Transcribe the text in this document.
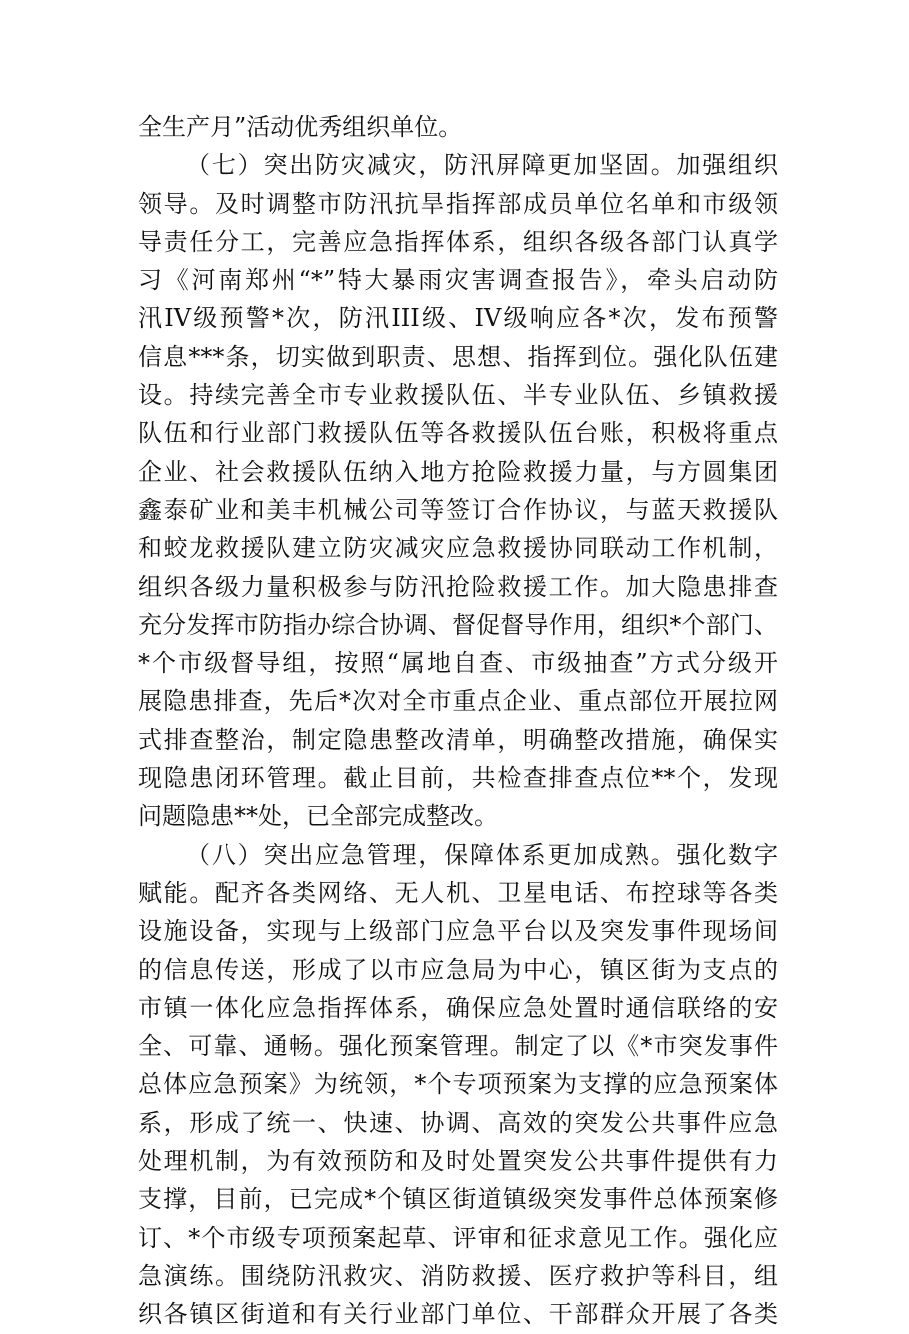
全生产月”活动优秀组织单位。
（七）突出防灾减灾，防汛屏障更加坚固。加强组织
领导。及时调整市防汛抗旱指挥部成员单位名单和市级领
导责任分工，完善应急指挥体系，组织各级各部门认真学
习《河南郑州“*”特大暴雨灾害调查报告》，牵头启动防
汛IV级预警*次，防汛III级、IV级响应各*次，发布预警
信息***条，切实做到职责、思想、指挥到位。强化队伍建
设。持续完善全市专业救援队伍、半专业队伍、乡镇救援
队伍和行业部门救援队伍等各救援队伍台账，积极将重点
企业、社会救援队伍纳入地方抢险救援力量，与方圆集团
鑫泰矿业和美丰机械公司等签订合作协议，与蓝天救援队
和蛟龙救援队建立防灾减灾应急救援协同联动工作机制，
组织各级力量积极参与防汛抢险救援工作。加大隐患排查
充分发挥市防指办综合协调、督促督导作用，组织*个部门、
*个市级督导组，按照“属地自查、市级抽查”方式分级开
展隐患排查，先后*次对全市重点企业、重点部位开展拉网
式排查整治，制定隐患整改清单，明确整改措施，确保实
现隐患闭环管理。截止目前，共检查排查点位**个，发现
问题隐患**处，已全部完成整改。
（八）突出应急管理，保障体系更加成熟。强化数字
赋能。配齐各类网络、无人机、卫星电话、布控球等各类
设施设备，实现与上级部门应急平台以及突发事件现场间
的信息传送，形成了以市应急局为中心，镇区街为支点的
市镇一体化应急指挥体系，确保应急处置时通信联络的安
全、可靠、通畅。强化预案管理。制定了以《*市突发事件
总体应急预案》为统领，*个专项预案为支撑的应急预案体
系，形成了统一、快速、协调、高效的突发公共事件应急
处理机制，为有效预防和及时处置突发公共事件提供有力
支撑，目前，已完成*个镇区街道镇级突发事件总体预案修
订、*个市级专项预案起草、评审和征求意见工作。强化应
急演练。围绕防汛救灾、消防救援、医疗救护等科目，组
织各镇区街道和有关行业部门单位、干部群众开展了各类
